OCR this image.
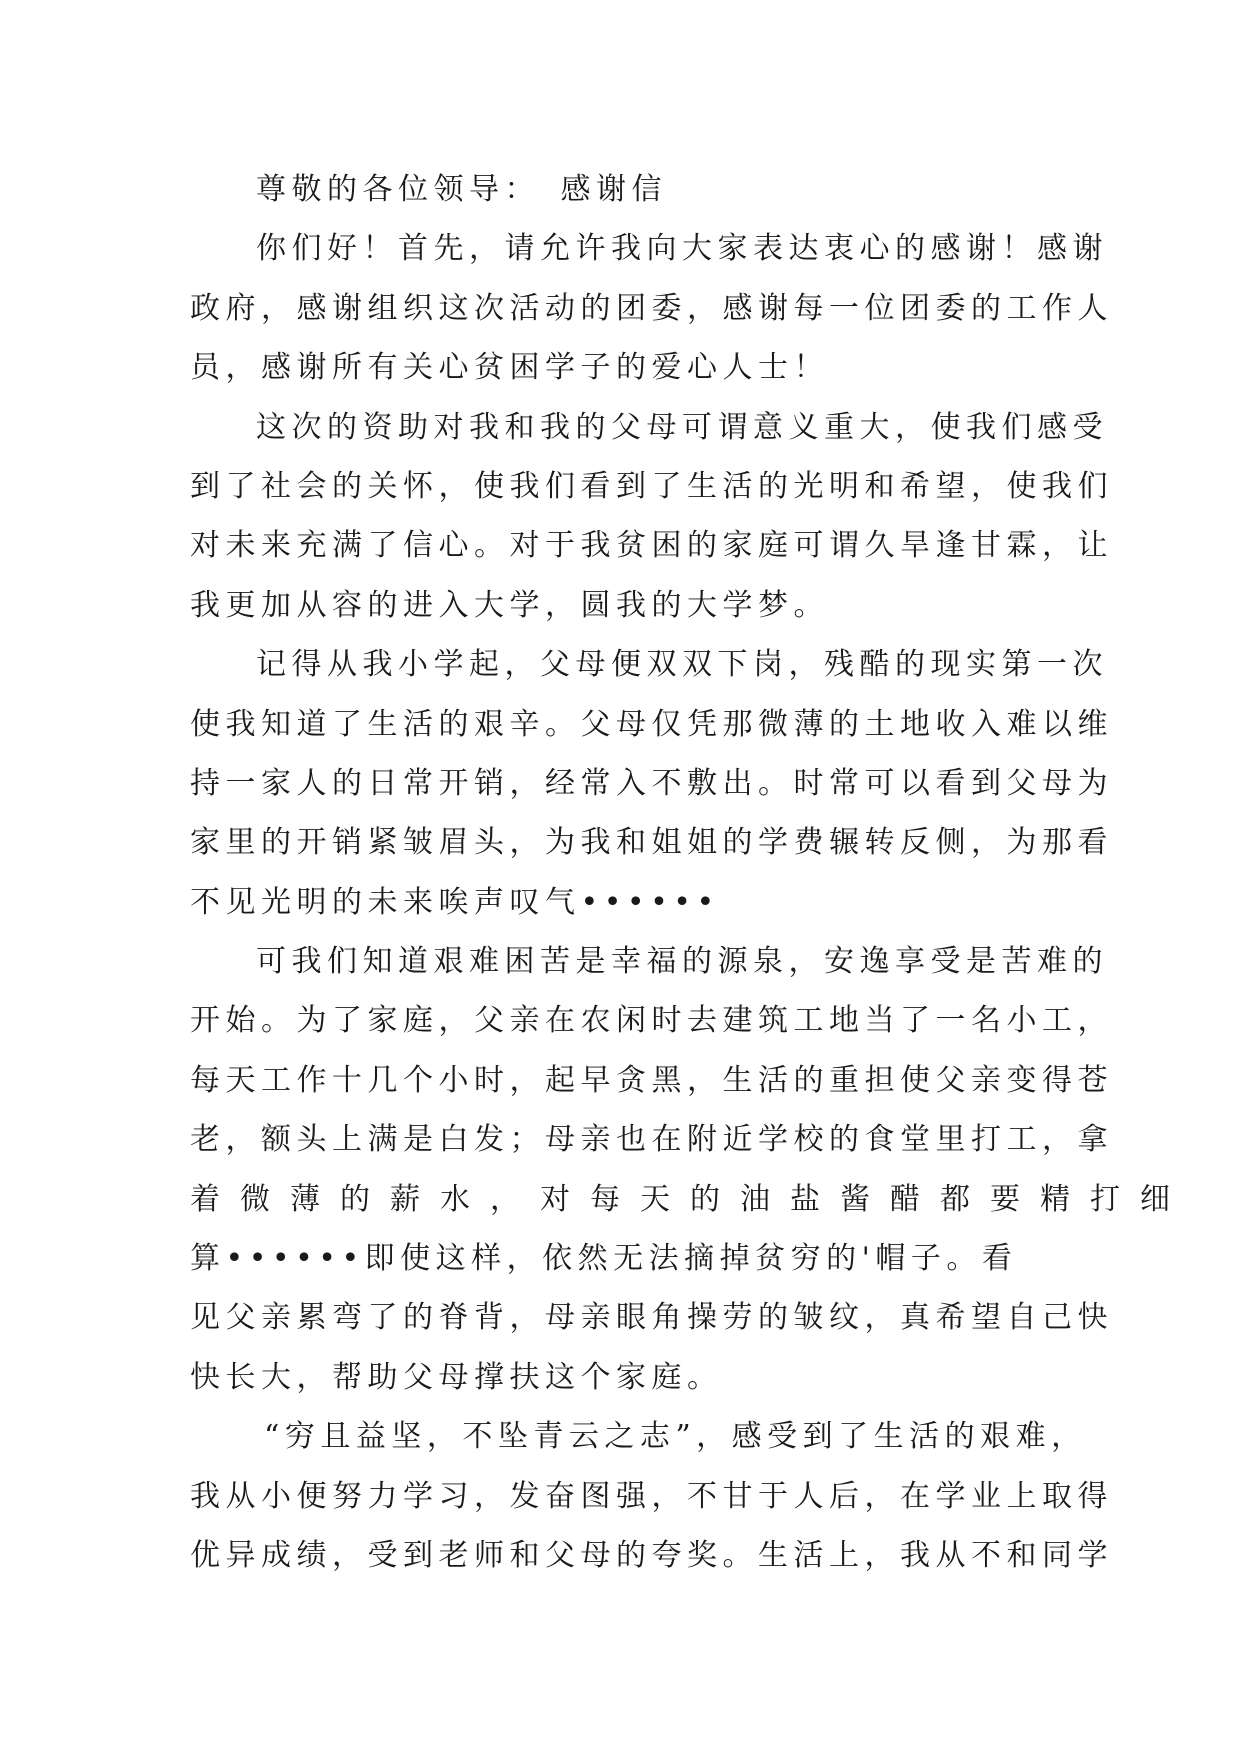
尊敬的各位领导：　感谢信
你们好！首先，请允许我向大家表达衷心的感谢！感谢
政府，感谢组织这次活动的团委，感谢每一位团委的工作人
员，感谢所有关心贫困学子的爱心人士！
这次的资助对我和我的父母可谓意义重大，使我们感受
到了社会的关怀，使我们看到了生活的光明和希望，使我们
对未来充满了信心。对于我贫困的家庭可谓久旱逢甘霖，让
我更加从容的进入大学，圆我的大学梦。
记得从我小学起，父母便双双下岗，残酷的现实第一次
使我知道了生活的艰辛。父母仅凭那微薄的土地收入难以维
持一家人的日常开销，经常入不敷出。时常可以看到父母为
家里的开销紧皱眉头，为我和姐姐的学费辗转反侧，为那看
不见光明的未来唉声叹气••••••
可我们知道艰难困苦是幸福的源泉，安逸享受是苦难的
开始。为了家庭，父亲在农闲时去建筑工地当了一名小工，
每天工作十几个小时，起早贪黑，生活的重担使父亲变得苍
老，额头上满是白发；母亲也在附近学校的食堂里打工，拿
着微薄的薪水，对每天的油盐酱醋都要精打细
算••••••即使这样，依然无法摘掉贫穷的'帽子。看
见父亲累弯了的脊背，母亲眼角操劳的皱纹，真希望自己快
快长大，帮助父母撑扶这个家庭。
“穷且益坚，不坠青云之志”，感受到了生活的艰难，
我从小便努力学习，发奋图强，不甘于人后，在学业上取得
优异成绩，受到老师和父母的夸奖。生活上，我从不和同学
